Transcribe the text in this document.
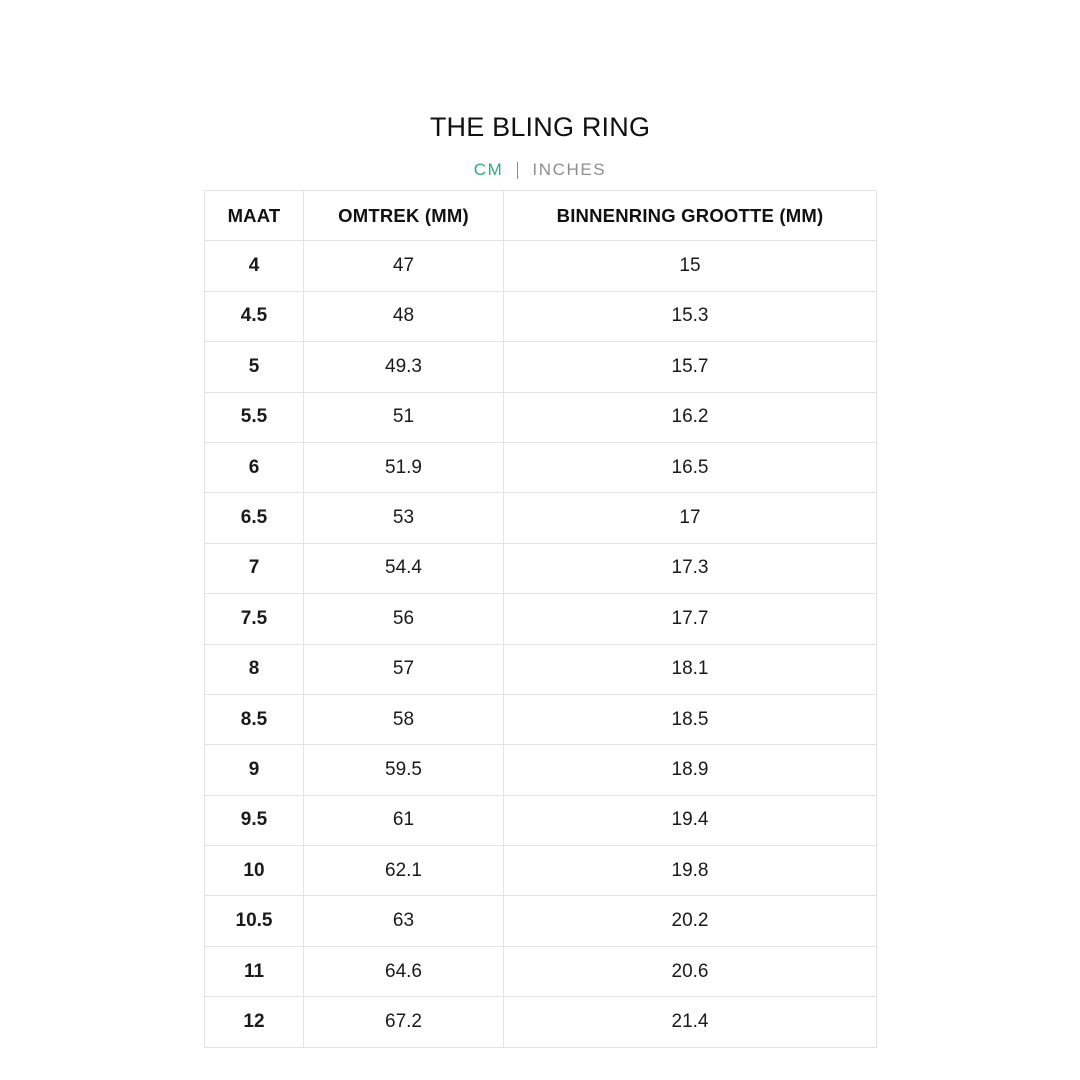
THE BLING RING
CM INCHES
MAAT	OMTREK (MM)	BINNENRING GROOTTE (MM)
4	47	15
4.5	48	15.3
5	49.3	15.7
5.5	51	16.2
6	51.9	16.5
6.5	53	17
7	54.4	17.3
7.5	56	17.7
8	57	18.1
8.5	58	18.5
9	59.5	18.9
9.5	61	19.4
10	62.1	19.8
10.5	63	20.2
11	64.6	20.6
12	67.2	21.4
